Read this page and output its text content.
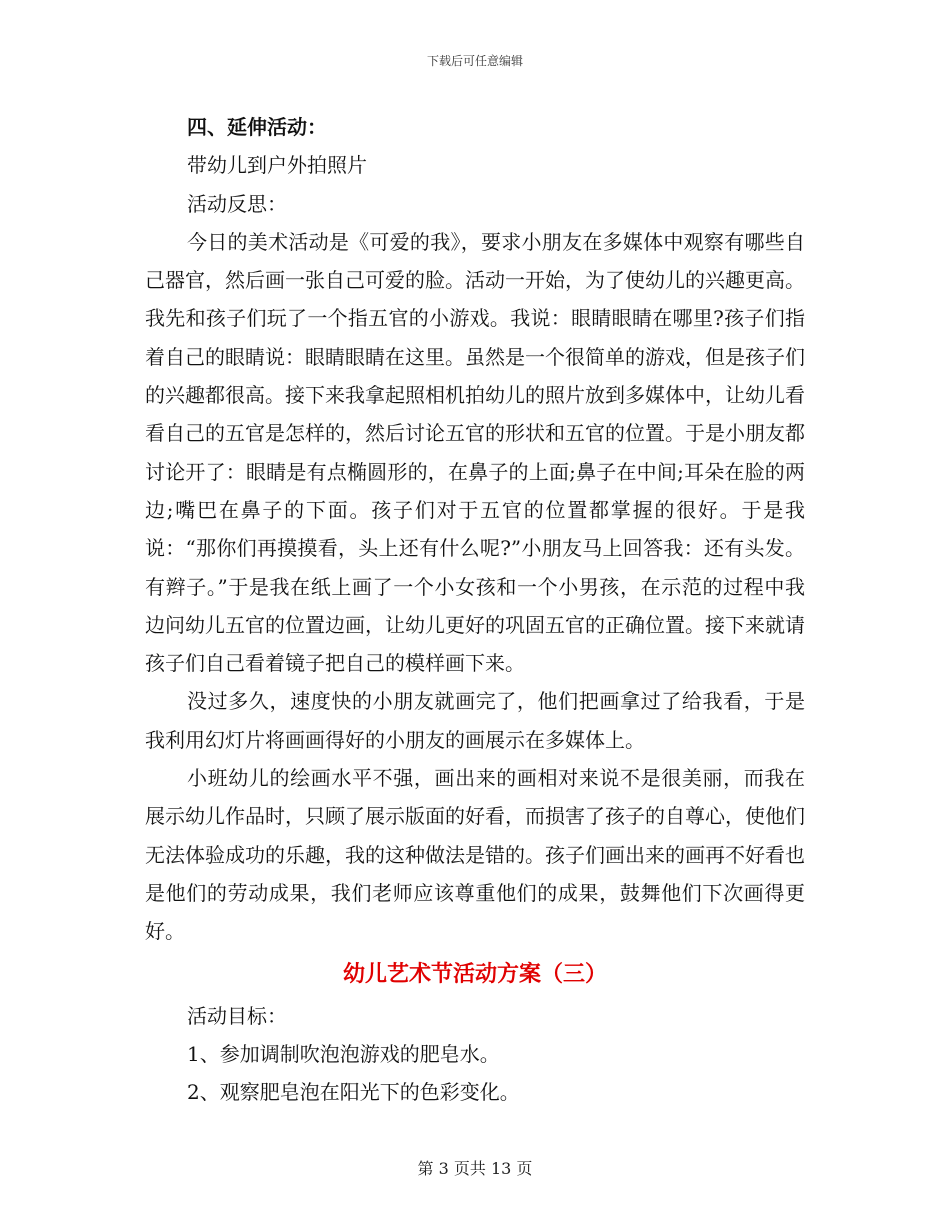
下载后可任意编辑
四、延伸活动：
带幼儿到户外拍照片
活动反思：
今日的美术活动是《可爱的我》，要求小朋友在多媒体中观察有哪些自己器官，然后画一张自己可爱的脸。活动一开始，为了使幼儿的兴趣更高。我先和孩子们玩了一个指五官的小游戏。我说：眼睛眼睛在哪里?孩子们指着自己的眼睛说：眼睛眼睛在这里。虽然是一个很简单的游戏，但是孩子们的兴趣都很高。接下来我拿起照相机拍幼儿的照片放到多媒体中，让幼儿看看自己的五官是怎样的，然后讨论五官的形状和五官的位置。于是小朋友都讨论开了：眼睛是有点椭圆形的，在鼻子的上面;鼻子在中间;耳朵在脸的两边;嘴巴在鼻子的下面。孩子们对于五官的位置都掌握的很好。于是我说：“那你们再摸摸看，头上还有什么呢?”小朋友马上回答我：还有头发。有辫子。”于是我在纸上画了一个小女孩和一个小男孩，在示范的过程中我边问幼儿五官的位置边画，让幼儿更好的巩固五官的正确位置。接下来就请孩子们自己看着镜子把自己的模样画下来。
没过多久，速度快的小朋友就画完了，他们把画拿过了给我看，于是我利用幻灯片将画画得好的小朋友的画展示在多媒体上。
小班幼儿的绘画水平不强，画出来的画相对来说不是很美丽，而我在展示幼儿作品时，只顾了展示版面的好看，而损害了孩子的自尊心，使他们无法体验成功的乐趣，我的这种做法是错的。孩子们画出来的画再不好看也是他们的劳动成果，我们老师应该尊重他们的成果，鼓舞他们下次画得更好。
幼儿艺术节活动方案（三）
活动目标：
1、参加调制吹泡泡游戏的肥皂水。
2、观察肥皂泡在阳光下的色彩变化。
第 3 页共 13 页
